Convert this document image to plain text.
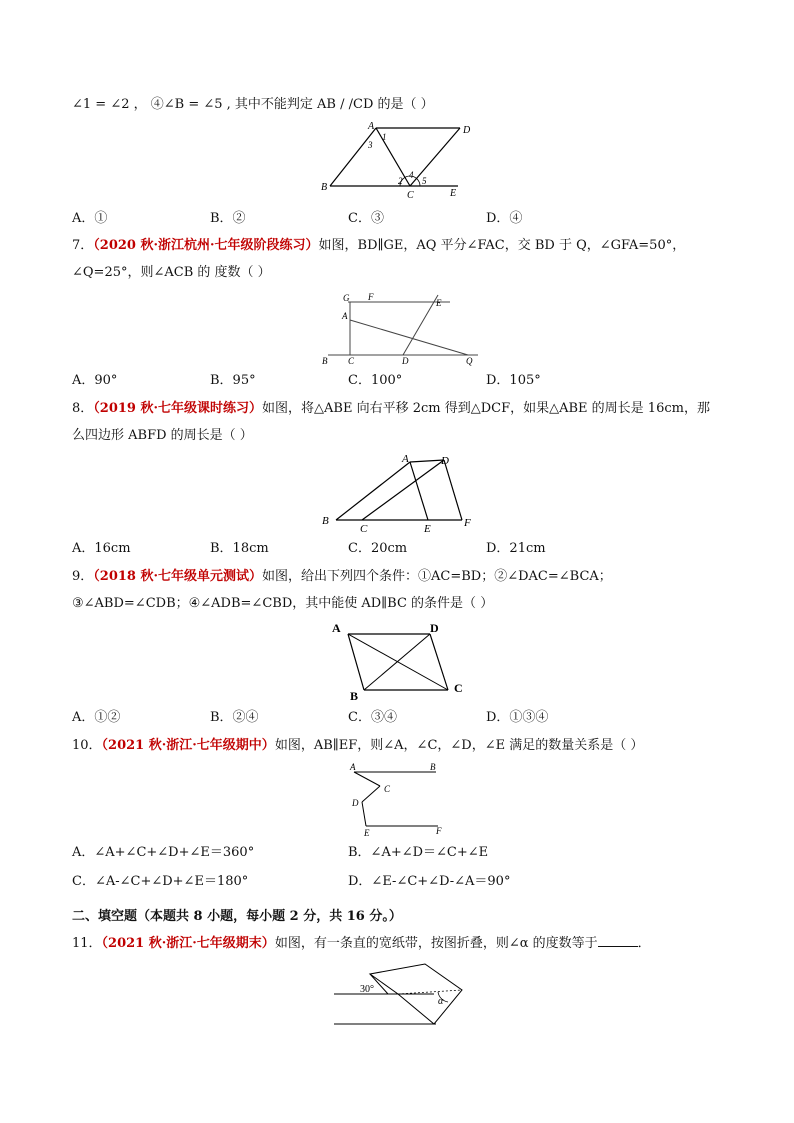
∠1 = ∠2 ， ④∠B = ∠5 , 其中不能判定 AB / /CD 的是（ ）
A	D
B
C	E
1
3
2
4
5
A．①	B．②	C．③	D．④
7．（2020 秋·浙江杭州·七年级阶段练习）如图，BD∥GE，AQ 平分∠FAC，交 BD 于 Q，∠GFA=50°，
∠Q=25°，则∠ACB 的 度数（ ）
G F
E
A
B C	D	Q
A．90°	B．95°	C．100°	D．105°
8．（2019 秋·七年级课时练习）如图，将△ABE 向右平移 2cm 得到△DCF，如果△ABE 的周长是 16cm，那
么四边形 ABFD 的周长是（ ）
A	D
B
C	E	F
A．16cm	B．18cm	C．20cm	D．21cm
9．（2018 秋·七年级单元测试）如图，给出下列四个条件：①AC=BD；②∠DAC=∠BCA；
③∠ABD=∠CDB；④∠ADB=∠CBD，其中能使 AD∥BC 的条件是（ ）
A	D
B
C
A．①②	B．②④	C．③④	D．①③④
10．（2021 秋·浙江·七年级期中）如图，AB∥EF，则∠A，∠C，∠D，∠E 满足的数量关系是（ ）
A	B
C
D
E	F
A．∠A+∠C+∠D+∠E＝360°	B．∠A+∠D＝∠C+∠E
C．∠A-∠C+∠D+∠E＝180°	D．∠E-∠C+∠D-∠A＝90°
二、填空题（本题共 8 小题，每小题 2 分，共 16 分。）
11．（2021 秋·浙江·七年级期末）如图，有一条直的宽纸带，按图折叠，则∠α 的度数等于	．
30°
α
